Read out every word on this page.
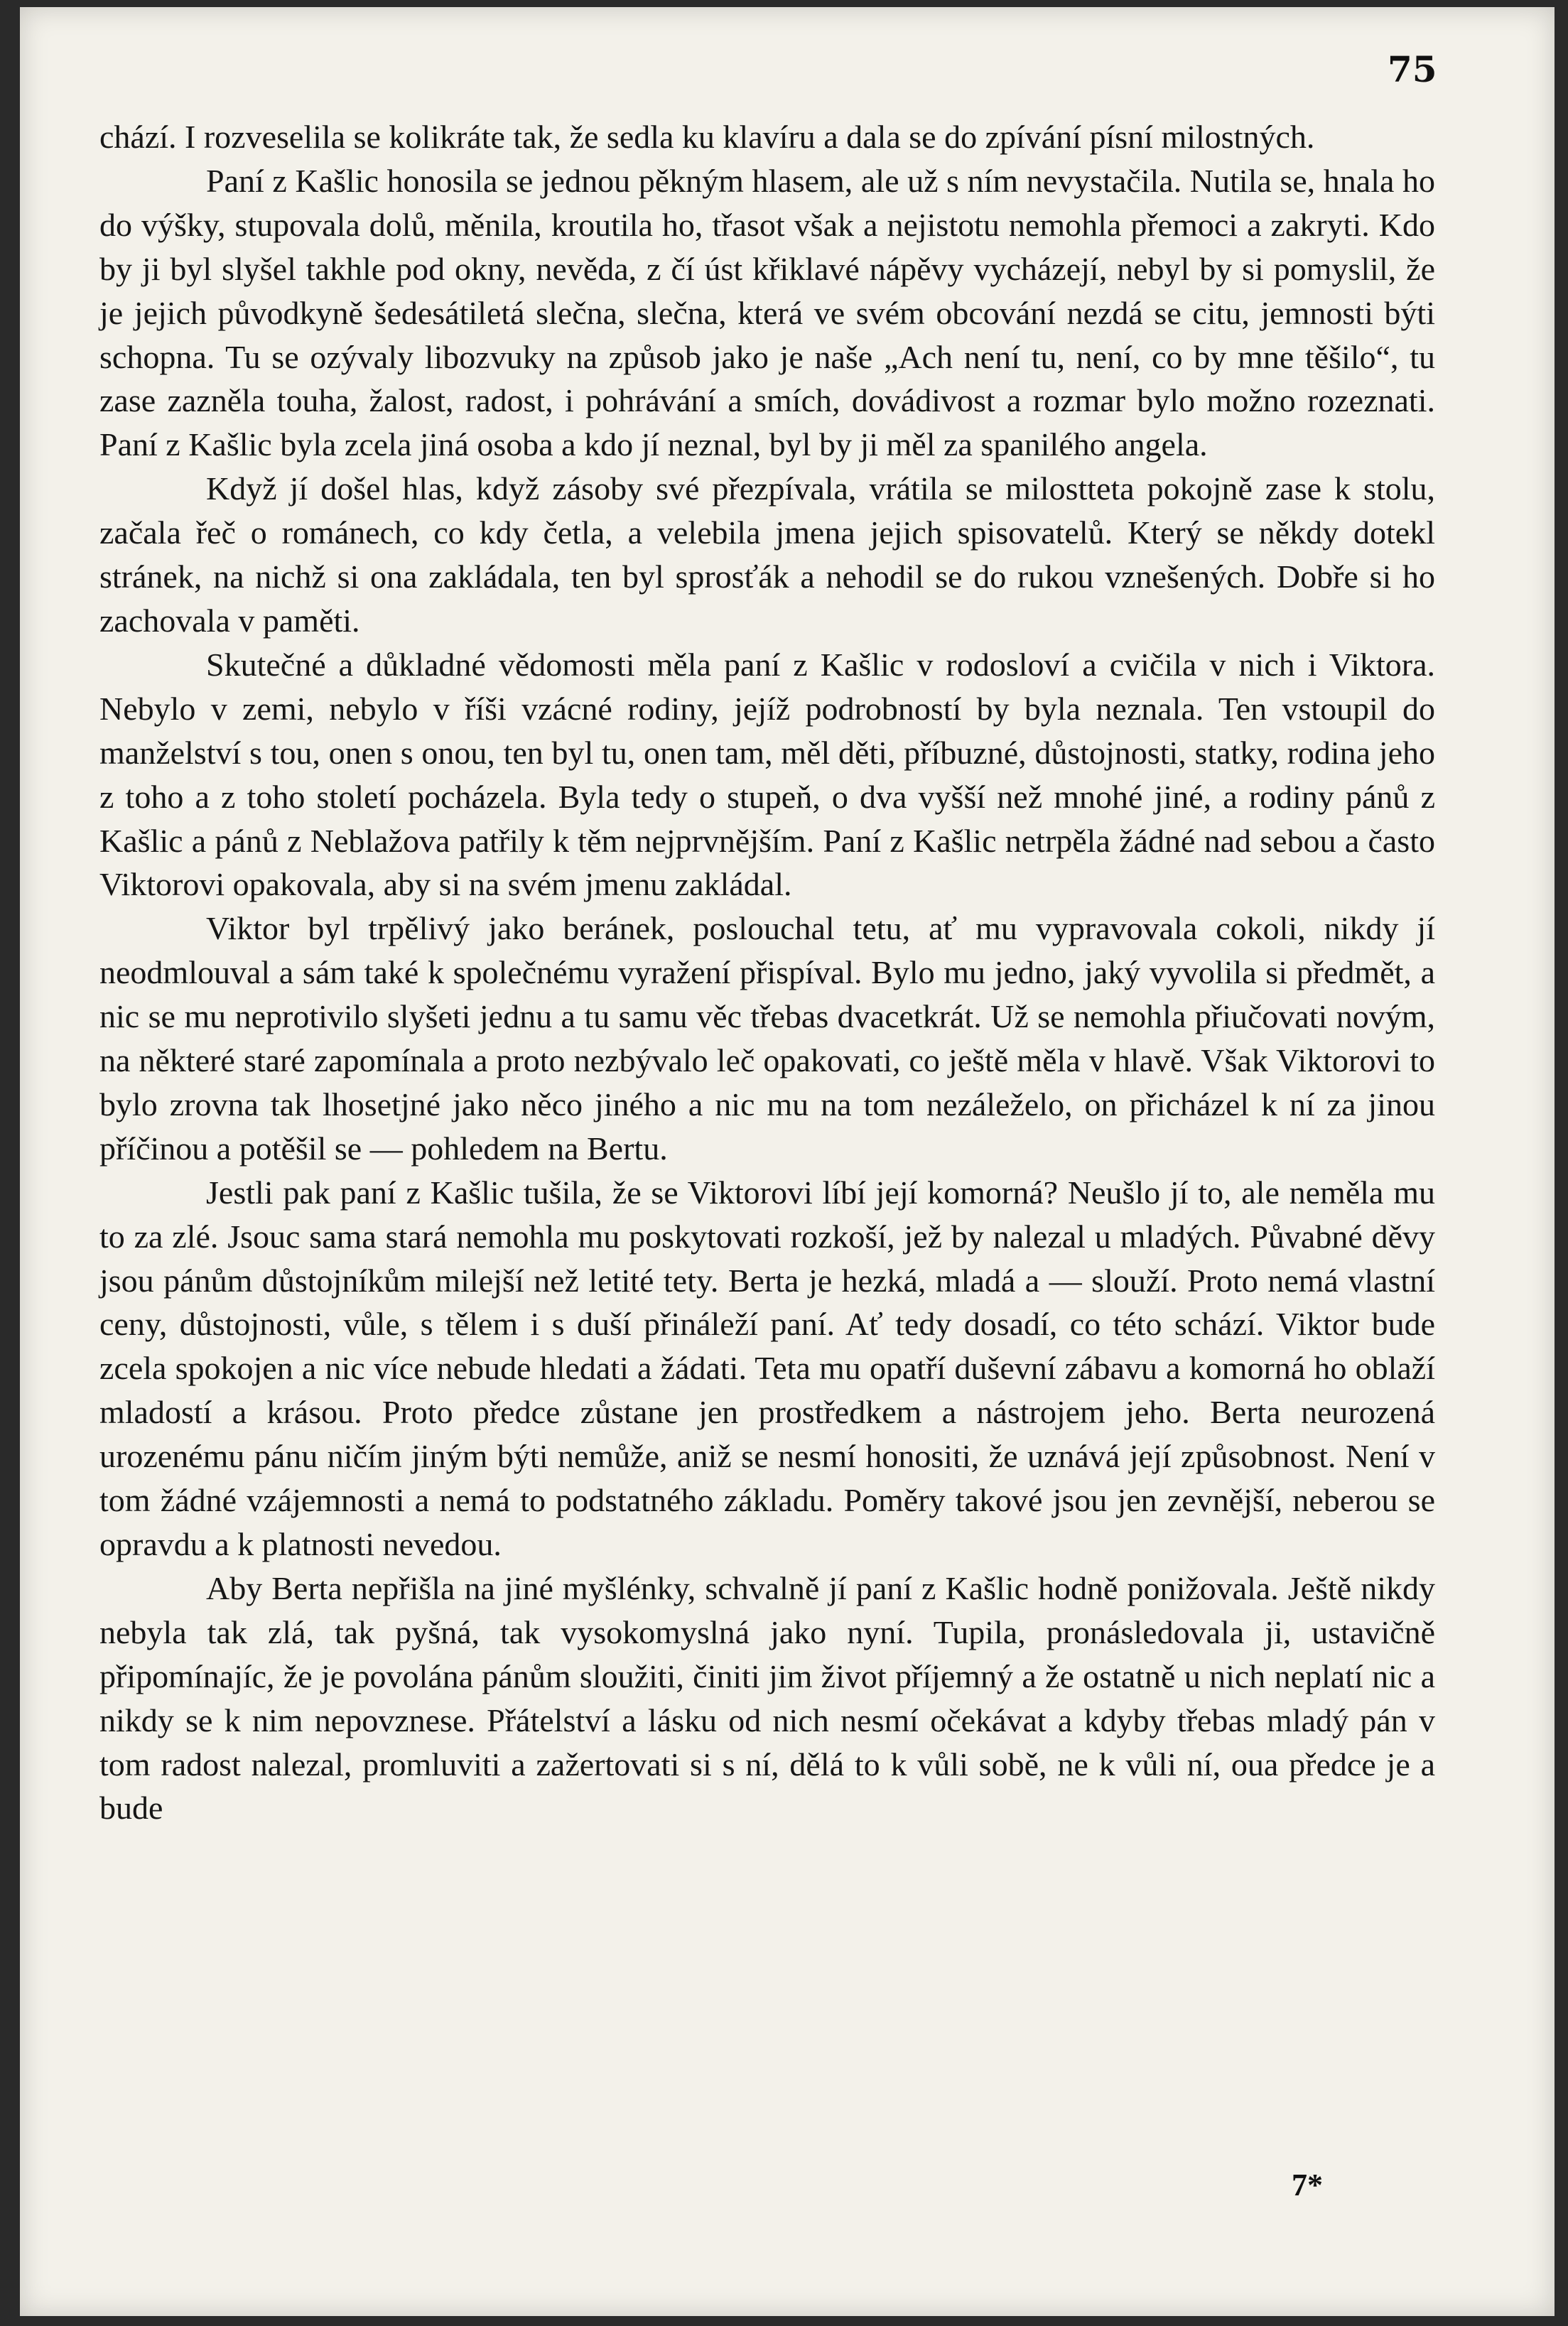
75

chází. I rozveselila se kolikráte tak, že sedla ku klavíru a dala se do zpívání písní milostných.

Paní z Kašlic honosila se jednou pěkným hlasem, ale už s ním nevystačila. Nutila se, hnala ho do výšky, stupovala dolů, měnila, kroutila ho, třasot však a nejistotu nemohla přemoci a zakryti. Kdo by ji byl slyšel takhle pod okny, nevěda, z čí úst křiklavé nápěvy vycházejí, nebyl by si pomyslil, že je jejich původkyně šedesátiletá slečna, slečna, která ve svém obcování nezdá se citu, jemnosti býti schopna. Tu se ozývaly libozvuky na způsob jako je naše „Ach není tu, není, co by mne těšilo“, tu zase zazněla touha, žalost, radost, i pohrávání a smích, dovádivost a rozmar bylo možno rozeznati. Paní z Kašlic byla zcela jiná osoba a kdo jí neznal, byl by ji měl za spanilého angela.

Když jí došel hlas, když zásoby své přezpívala, vrátila se milostteta pokojně zase k stolu, začala řeč o románech, co kdy četla, a velebila jmena jejich spisovatelů. Který se někdy dotekl stránek, na nichž si ona zakládala, ten byl sprosťák a nehodil se do rukou vznešených. Dobře si ho zachovala v paměti.

Skutečné a důkladné vědomosti měla paní z Kašlic v rodosloví a cvičila v nich i Viktora. Nebylo v zemi, nebylo v říši vzácné rodiny, jejíž podrobností by byla neznala. Ten vstoupil do manželství s tou, onen s onou, ten byl tu, onen tam, měl děti, příbuzné, důstojnosti, statky, rodina jeho z toho a z toho století pocházela. Byla tedy o stupeň, o dva vyšší než mnohé jiné, a rodiny pánů z Kašlic a pánů z Neblažova patřily k těm nejprvnějším. Paní z Kašlic netrpěla žádné nad sebou a často Viktorovi opakovala, aby si na svém jmenu zakládal.

Viktor byl trpělivý jako beránek, poslouchal tetu, ať mu vypravovala cokoli, nikdy jí neodmlouval a sám také k společnému vyražení přispíval. Bylo mu jedno, jaký vyvolila si předmět, a nic se mu neprotivilo slyšeti jednu a tu samu věc třebas dvacetkrát. Už se nemohla přiučovati novým, na některé staré zapomínala a proto nezbývalo leč opakovati, co ještě měla v hlavě. Však Viktorovi to bylo zrovna tak lhosetjné jako něco jiného a nic mu na tom nezáleželo, on přicházel k ní za jinou příčinou a potěšil se — pohledem na Bertu.

Jestli pak paní z Kašlic tušila, že se Viktorovi líbí její komorná? Neušlo jí to, ale neměla mu to za zlé. Jsouc sama stará nemohla mu poskytovati rozkoší, jež by nalezal u mladých. Půvabné děvy jsou pánům důstojníkům milejší než letité tety. Berta je hezká, mladá a — slouží. Proto nemá vlastní ceny, důstojnosti, vůle, s tělem i s duší přináleží paní. Ať tedy dosadí, co této schází. Viktor bude zcela spokojen a nic více nebude hledati a žádati. Teta mu opatří duševní zábavu a komorná ho oblaží mladostí a krásou. Proto předce zůstane jen prostředkem a nástrojem jeho. Berta neurozená urozenému pánu ničím jiným býti nemůže, aniž se nesmí honositi, že uznává její způsobnost. Není v tom žádné vzájemnosti a nemá to podstatného základu. Poměry takové jsou jen zevnější, neberou se opravdu a k platnosti nevedou.

Aby Berta nepřišla na jiné myšlénky, schvalně jí paní z Kašlic hodně ponižovala. Ještě nikdy nebyla tak zlá, tak pyšná, tak vysokomyslná jako nyní. Tupila, pronásledovala ji, ustavičně připomínajíc, že je povolána pánům sloužiti, činiti jim život příjemný a že ostatně u nich neplatí nic a nikdy se k nim nepovznese. Přátelství a lásku od nich nesmí očekávat a kdyby třebas mladý pán v tom radost nalezal, promluviti a zažertovati si s ní, dělá to k vůli sobě, ne k vůli ní, oua předce je a bude

7*
